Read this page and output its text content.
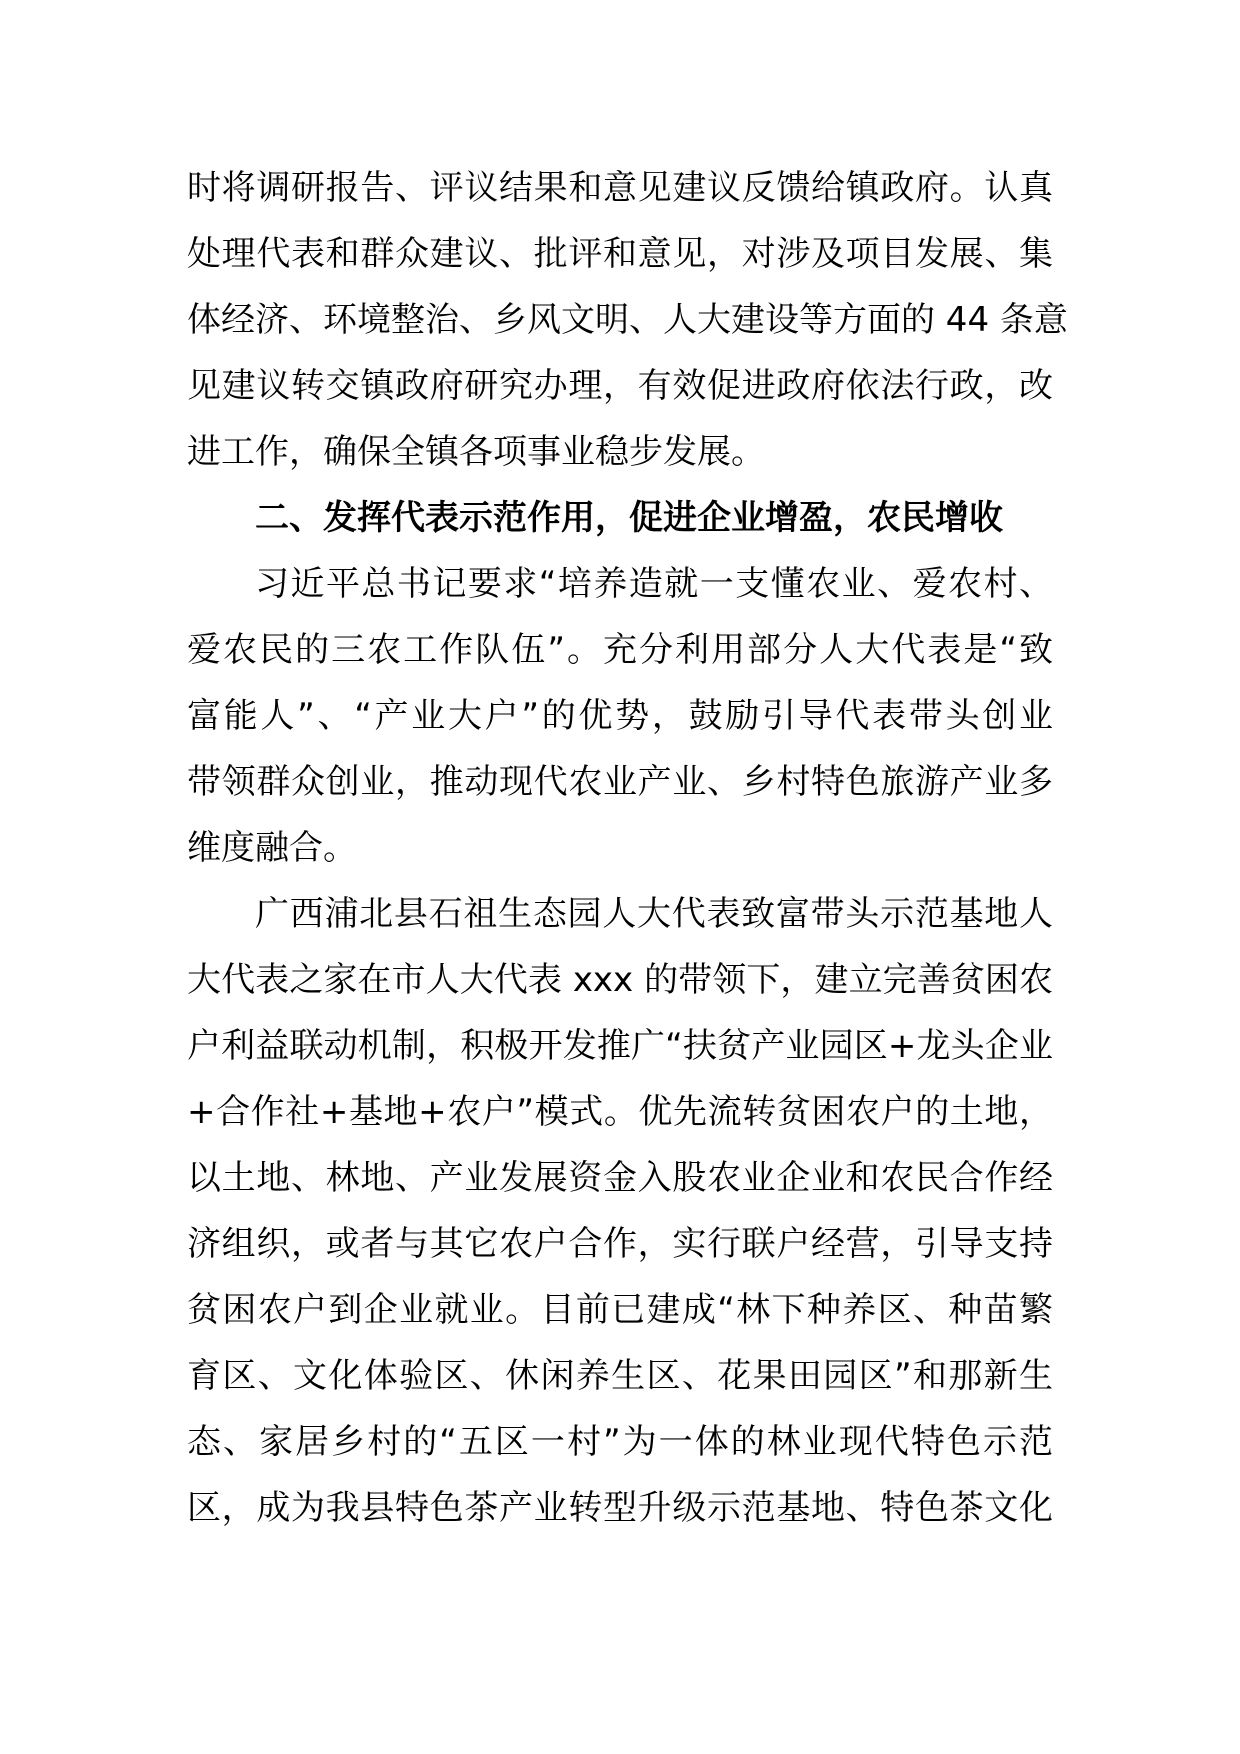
时将调研报告、评议结果和意见建议反馈给镇政府。认真
处理代表和群众建议、批评和意见，对涉及项目发展、集
体经济、环境整治、乡风文明、人大建设等方面的 44 条意
见建议转交镇政府研究办理，有效促进政府依法行政，改
进工作，确保全镇各项事业稳步发展。
二、发挥代表示范作用，促进企业增盈，农民增收
习近平总书记要求“培养造就一支懂农业、爱农村、
爱农民的三农工作队伍”。充分利用部分人大代表是“致
富能人”、“产业大户”的优势，鼓励引导代表带头创业
带领群众创业，推动现代农业产业、乡村特色旅游产业多
维度融合。
广西浦北县石祖生态园人大代表致富带头示范基地人
大代表之家在市人大代表 xxx 的带领下，建立完善贫困农
户利益联动机制，积极开发推广“扶贫产业园区+龙头企业
+合作社+基地+农户”模式。优先流转贫困农户的土地，
以土地、林地、产业发展资金入股农业企业和农民合作经
济组织，或者与其它农户合作，实行联户经营，引导支持
贫困农户到企业就业。目前已建成“林下种养区、种苗繁
育区、文化体验区、休闲养生区、花果田园区”和那新生
态、家居乡村的“五区一村”为一体的林业现代特色示范
区，成为我县特色茶产业转型升级示范基地、特色茶文化
